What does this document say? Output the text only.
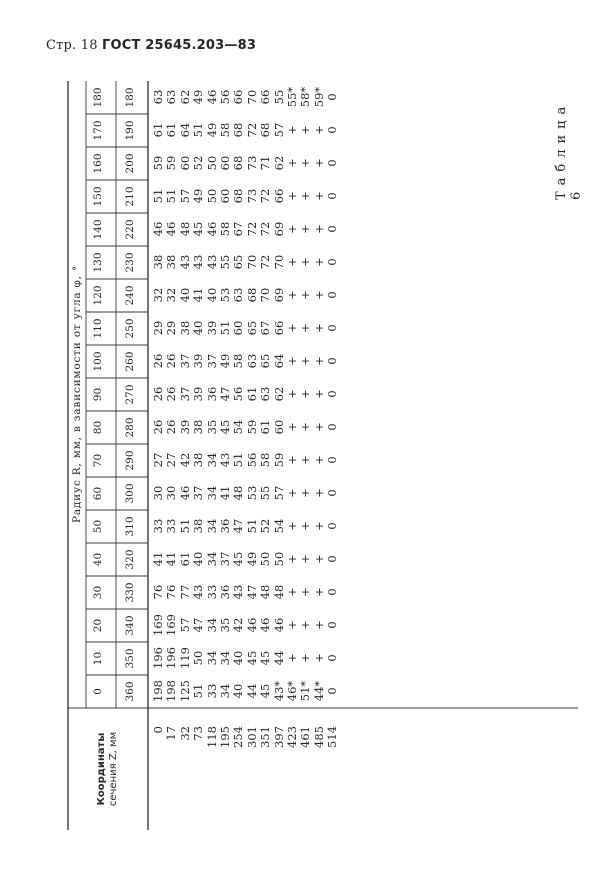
Стр. 18 ГОСТ 25645.203—83
Координаты сечения Z, мм
Радиус R, мм, в зависимости от угла φ, °
Таблица 6
0
10
20
30
40
50
60
70
80
90
100
110
120
130
140
150
160
170
180
360
350
340
330
320
310
300
290
280
270
260
250
240
230
220
210
200
190
180
0 17 32 73 118 195 254 301 351 397 423 461 485 514
198 198 125 51 33 34 40 44 45 43* 46* 51* 44* 0
196 196 119 50 34 34 40 45 45 44 + + + 0
169 169 57 47 34 35 42 46 46 46 + + + 0
76 76 77 43 33 36 43 47 48 48 + + + 0
41 41 61 40 34 37 45 49 50 50 + + + 0
33 33 51 38 34 36 47 51 52 54 + + + 0
30 30 46 37 34 41 48 53 55 57 + + + 0
27 27 42 38 34 43 51 56 58 59 + + + 0
26 26 39 38 35 45 54 59 61 60 + + + 0
26 26 37 39 36 47 56 61 63 62 + + + 0
26 26 37 39 37 49 58 63 65 64 + + + 0
29 29 38 40 39 51 60 65 67 66 + + + 0
32 32 40 41 40 53 63 68 70 69 + + + 0
38 38 43 43 43 55 65 70 72 70 + + + 0
46 46 48 45 46 58 67 72 72 69 + + + 0
51 51 57 49 50 60 68 73 72 66 + + + 0
59 59 60 52 50 60 68 73 71 62 + + + 0
61 61 64 51 49 58 68 72 68 57 + + + 0
63 63 62 49 46 56 66 70 66 55 55* 58* 59* 0
